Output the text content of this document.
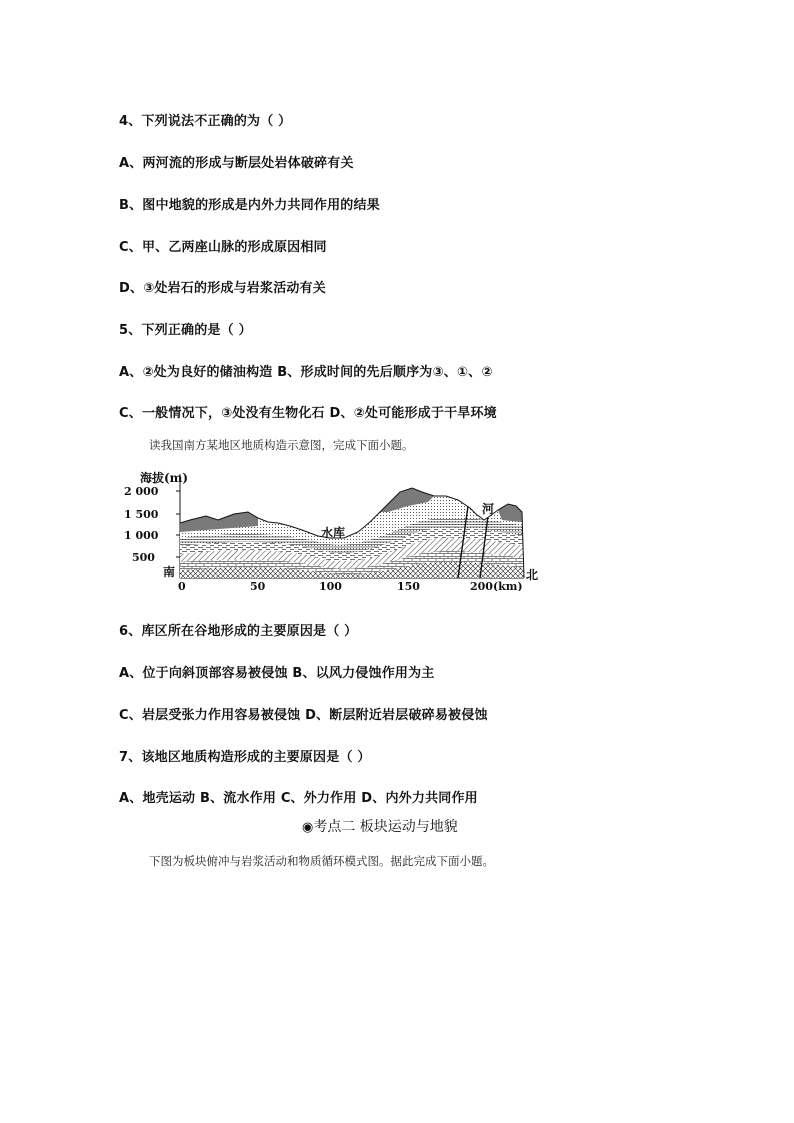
4、下列说法不正确的为（ ）
A、两河流的形成与断层处岩体破碎有关
B、图中地貌的形成是内外力共同作用的结果
C、甲、乙两座山脉的形成原因相同
D、③处岩石的形成与岩浆活动有关
5、下列正确的是（ ）
A、②处为良好的储油构造 B、形成时间的先后顺序为③、①、②
C、一般情况下，③处没有生物化石 D、②处可能形成于干旱环境
读我国南方某地区地质构造示意图，完成下面小题。
海拔(m)
2 000
1 500
1 000
500
0	50	100	150	200(km)
南	北
水库
河
6、库区所在谷地形成的主要原因是（ ）
A、位于向斜顶部容易被侵蚀 B、以风力侵蚀作用为主
C、岩层受张力作用容易被侵蚀 D、断层附近岩层破碎易被侵蚀
7、该地区地质构造形成的主要原因是（ ）
A、地壳运动 B、流水作用 C、外力作用 D、内外力共同作用
◉考点二 板块运动与地貌
下图为板块俯冲与岩浆活动和物质循环模式图。据此完成下面小题。
